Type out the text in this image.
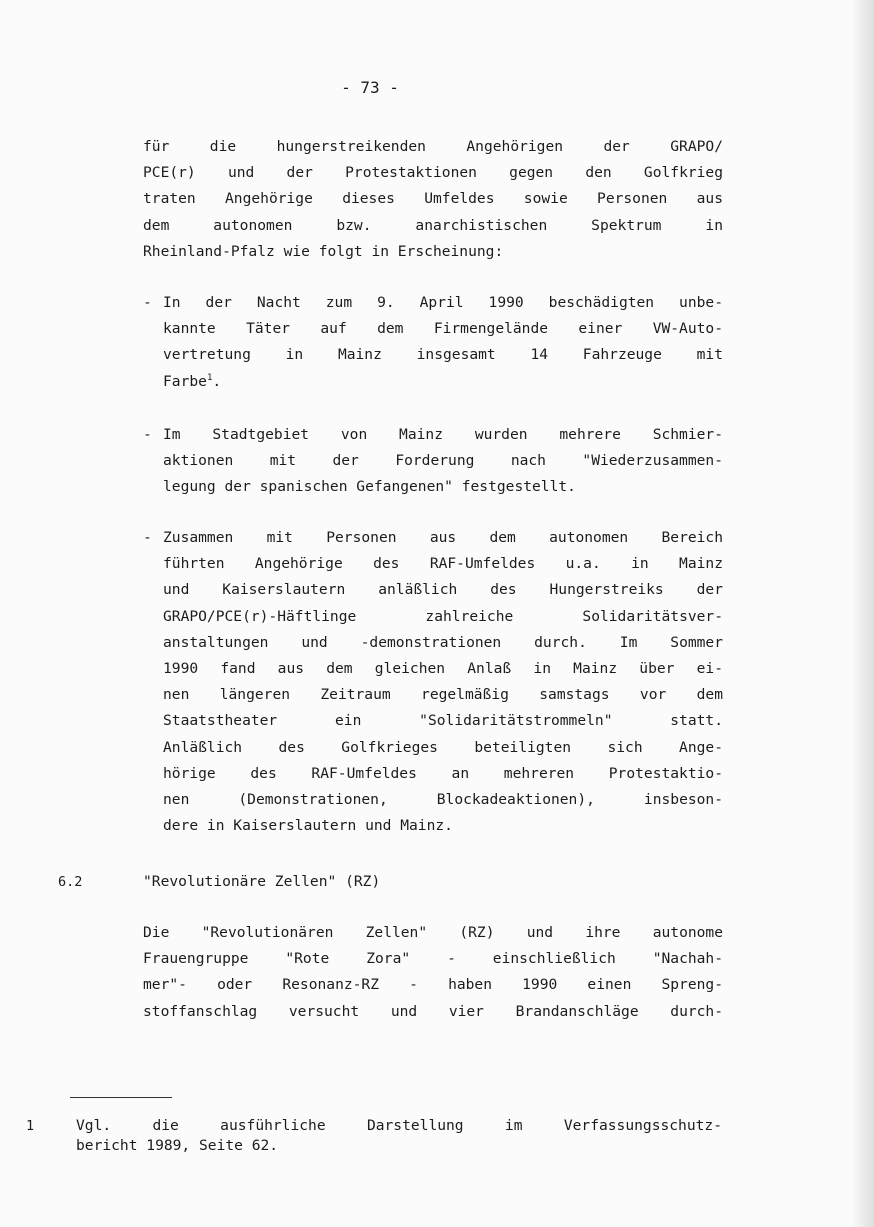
- 73 -
für die hungerstreikenden Angehörigen der GRAPO/
PCE(r) und der Protestaktionen gegen den Golfkrieg
traten Angehörige dieses Umfeldes sowie Personen aus
dem autonomen bzw. anarchistischen Spektrum in
Rheinland-Pfalz wie folgt in Erscheinung:
- In der Nacht zum 9. April 1990 beschädigten unbe-
kannte Täter auf dem Firmengelände einer VW-Auto-
vertretung in Mainz insgesamt 14 Fahrzeuge mit
Farbe$^1$.
- Im Stadtgebiet von Mainz wurden mehrere Schmier-
aktionen mit der Forderung nach "Wiederzusammen-
legung der spanischen Gefangenen" festgestellt.
- Zusammen mit Personen aus dem autonomen Bereich
führten Angehörige des RAF-Umfeldes u.a. in Mainz
und Kaiserslautern anläßlich des Hungerstreiks der
GRAPO/PCE(r)-Häftlinge zahlreiche Solidaritätsver-
anstaltungen und -demonstrationen durch. Im Sommer
1990 fand aus dem gleichen Anlaß in Mainz über ei-
nen längeren Zeitraum regelmäßig samstags vor dem
Staatstheater ein "Solidaritätstrommeln" statt.
Anläßlich des Golfkrieges beteiligten sich Ange-
hörige des RAF-Umfeldes an mehreren Protestaktio-
nen (Demonstrationen, Blockadeaktionen), insbeson-
dere in Kaiserslautern und Mainz.
6.2	"Revolutionäre Zellen" (RZ)
Die "Revolutionären Zellen" (RZ) und ihre autonome
Frauengruppe "Rote Zora" - einschließlich "Nachah-
mer"- oder Resonanz-RZ - haben 1990 einen Spreng-
stoffanschlag versucht und vier Brandanschläge durch-
1	Vgl. die ausführliche Darstellung im Verfassungsschutz-
bericht 1989, Seite 62.
